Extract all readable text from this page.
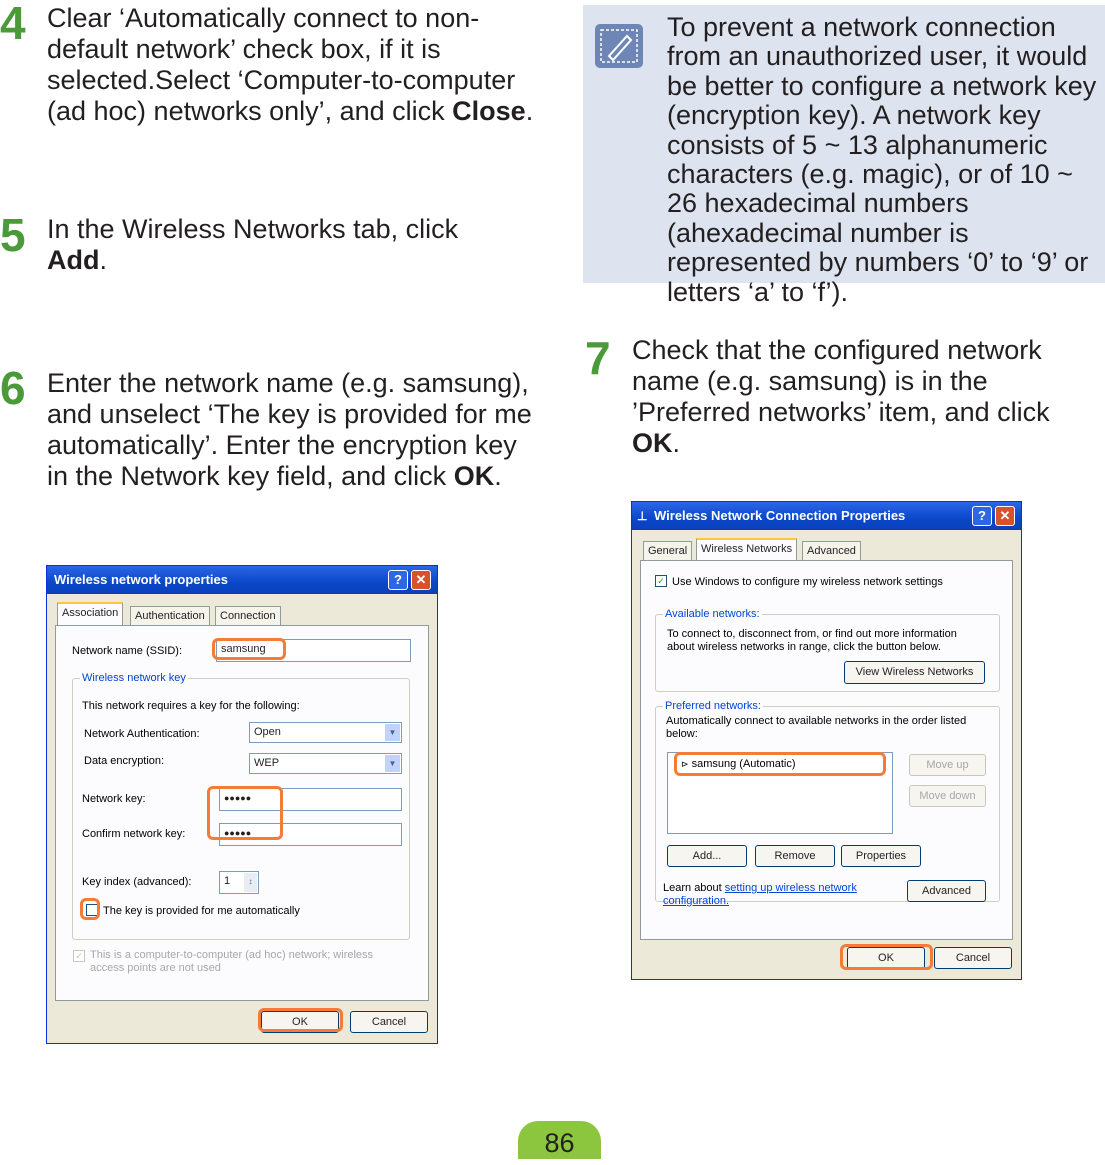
4 Clear ‘Automatically connect to non-default network’ check box, if it is selected.Select ‘Computer-to-computer (ad hoc) networks only’, and click Close.
5 In the Wireless Networks tab, click
Add.
6 Enter the network name (e.g. samsung), and unselect ‘The key is provided for me automatically’. Enter the encryption key in the Network key field, and click OK.
To prevent a network connection from an unauthorized user, it would be better to configure a network key (encryption key). A network key consists of 5 ~ 13 alphanumeric characters (e.g. magic), or of 10 ~ 26 hexadecimal numbers (ahexadecimal number is represented by numbers ‘0’ to ‘9’ or letters ‘a’ to ‘f’).
7 Check that the configured network name (e.g. samsung) is in the ’Preferred networks’ item, and click OK.
Wireless network properties	?	✕
Association	Authentication	Connection
Network name (SSID):	samsung
Wireless network key
This network requires a key for the following:
Network Authentication:	Open	▼
Data encryption:	WEP	▼
Network key:	●●●●●
Confirm network key:	●●●●●
Key index (advanced):	1	↕
The key is provided for me automatically
✓ This is a computer-to-computer (ad hoc) network; wireless access points are not used
OK	Cancel
⊥ Wireless Network Connection Properties	?	✕
General	Wireless Networks	Advanced
✓ Use Windows to configure my wireless network settings
Available networks:
To connect to, disconnect from, or find out more information about wireless networks in range, click the button below.
View Wireless Networks
Preferred networks:
Automatically connect to available networks in the order listed below:
⊳ samsung (Automatic)	Move up
Move down
Add...	Remove	Properties
Learn about setting up wireless network configuration.
Advanced
OK	Cancel
86
